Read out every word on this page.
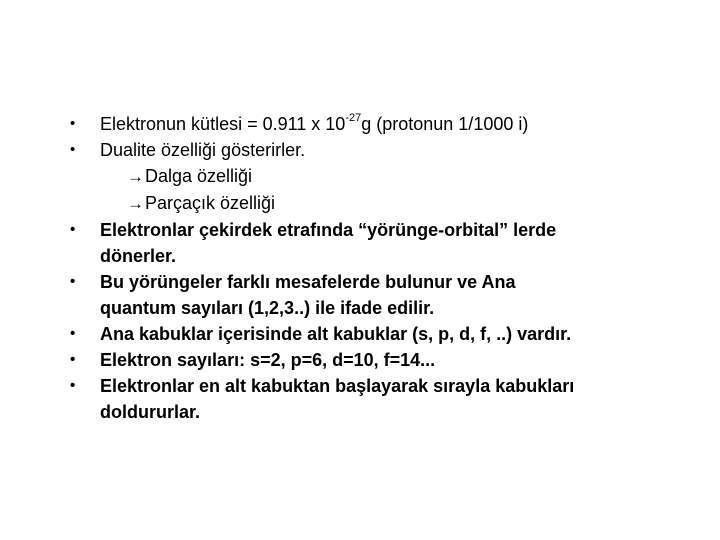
• Elektronun kütlesi = 0.911 x $10^{-27}g$ (protonun 1/1000 i)
• Dualite özelliği gösterirler.
→Dalga özelliği
→Parçaçık özelliği
• Elektronlar çekirdek etrafında “yörünge-orbital” lerde
dönerler.
• Bu yörüngeler farklı mesafelerde bulunur ve Ana
quantum sayıları (1,2,3..) ile ifade edilir.
• Ana kabuklar içerisinde alt kabuklar (s, p, d, f, ..) vardır.
• Elektron sayıları: s=2, p=6, d=10, f=14...
• Elektronlar en alt kabuktan başlayarak sırayla kabukları
doldururlar.
